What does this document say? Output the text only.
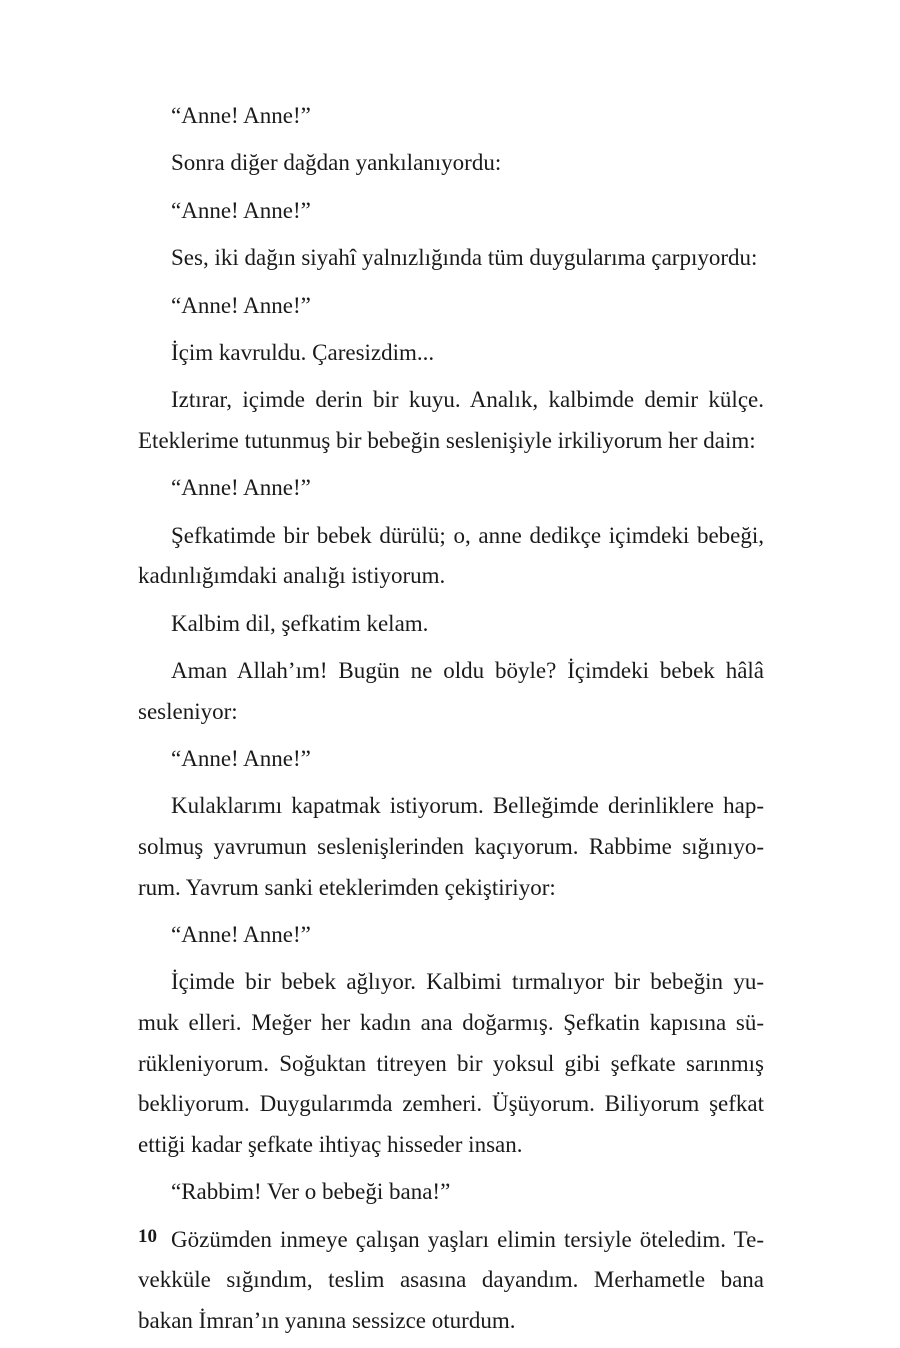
“Anne! Anne!”

Sonra diğer dağdan yankılanıyordu:

“Anne! Anne!”

Ses, iki dağın siyahî yalnızlığında tüm duygularıma çarpıyordu:

“Anne! Anne!”

İçim kavruldu. Çaresizdim...

Iztırar, içimde derin bir kuyu. Analık, kalbimde demir külçe. Eteklerime tutunmuş bir bebeğin seslenişiyle irkiliyorum her daim:

“Anne! Anne!”

Şefkatimde bir bebek dürülü; o, anne dedikçe içimdeki bebeği, kadınlığımdaki analığı istiyorum.

Kalbim dil, şefkatim kelam.

Aman Allah’ım! Bugün ne oldu böyle? İçimdeki bebek hâlâ sesleniyor:

“Anne! Anne!”

Kulaklarımı kapatmak istiyorum. Belleğimde derinliklere hap-solmuş yavrumun seslenişlerinden kaçıyorum. Rabbime sığınıyo-rum. Yavrum sanki eteklerimden çekiştiriyor:

“Anne! Anne!”

İçimde bir bebek ağlıyor. Kalbimi tırmalıyor bir bebeğin yu-muk elleri. Meğer her kadın ana doğarmış. Şefkatin kapısına sü-rükleniyorum. Soğuktan titreyen bir yoksul gibi şefkate sarınmış bekliyorum. Duygularımda zemheri. Üşüyorum. Biliyorum şefkat ettiği kadar şefkate ihtiyaç hisseder insan.

“Rabbim! Ver o bebeği bana!”

Gözümden inmeye çalışan yaşları elimin tersiyle öteledim. Te-vekküle sığındım, teslim asasına dayandım. Merhametle bana bakan İmran’ın yanına sessizce oturdum.

10
